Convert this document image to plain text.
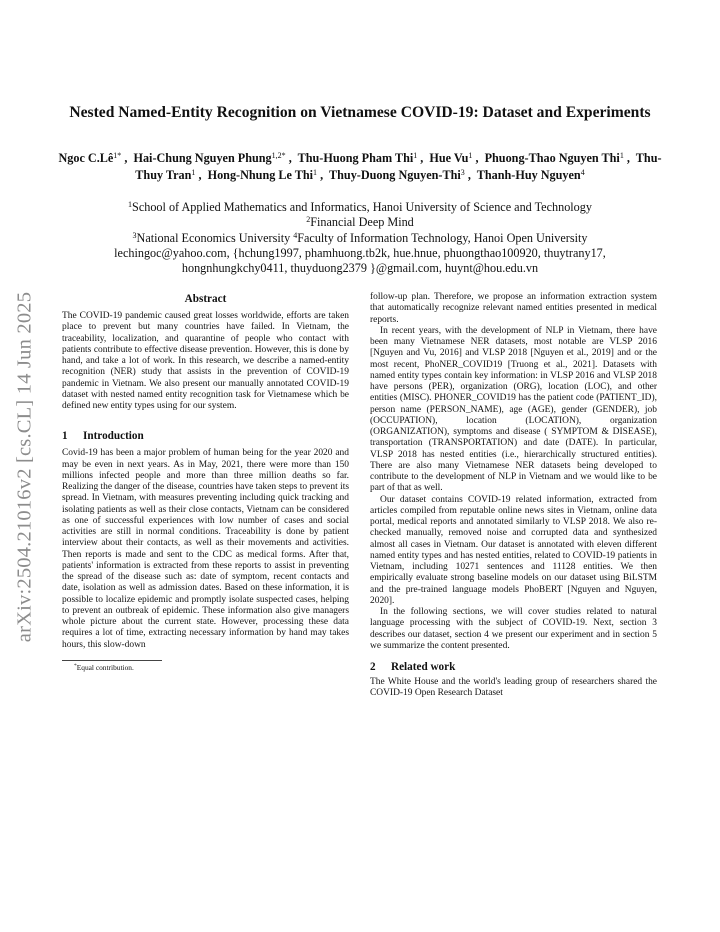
arXiv:2504.21016v2 [cs.CL] 14 Jun 2025
Nested Named-Entity Recognition on Vietnamese COVID-19: Dataset and Experiments
Ngoc $C.Lê^{1*}$ ,  Hai-Chung Nguyen Phung$^{1,2*}$ ,  Thu-Huong Pham Thi$^1$ ,  Hue Vu$^1$ ,  Phuong-Thao Nguyen Thi$^1$ ,  Thu-Thuy Tran$^1$ ,  Hong-Nhung Le Thi$^1$ ,  Thuy-Duong Nguyen-Thi$^3$ ,  Thanh-Huy Nguyen$^4$
$^1$School of Applied Mathematics and Informatics, Hanoi University of Science and Technology
$^2$Financial Deep Mind
$^3$National Economics University $^4$Faculty of Information Technology, Hanoi Open University
lechingoc@yahoo.com, {hchung1997, phamhuong.tb2k, hue.hnue, phuongthao100920, thuytrany17,
hongnhungkchy0411, thuyduong2379 }@gmail.com, huynt@hou.edu.vn
Abstract
The COVID-19 pandemic caused great losses worldwide, efforts are taken place to prevent but many countries have failed. In Vietnam, the traceability, localization, and quarantine of people who contact with patients contribute to effective disease prevention. However, this is done by hand, and take a lot of work. In this research, we describe a named-entity recognition (NER) study that assists in the prevention of COVID-19 pandemic in Vietnam. We also present our manually annotated COVID-19 dataset with nested named entity recognition task for Vietnamese which be defined new entity types using for our system.
1 Introduction
Covid-19 has been a major problem of human being for the year 2020 and may be even in next years. As in May, 2021, there were more than 150 millions infected people and more than three million deaths so far. Realizing the danger of the disease, countries have taken steps to prevent its spread. In Vietnam, with measures preventing including quick tracking and isolating patients as well as their close contacts, Vietnam can be considered as one of successful experiences with low number of cases and social activities are still in normal conditions. Traceability is done by patient interview about their contacts, as well as their movements and activities. Then reports is made and sent to the CDC as medical forms. After that, patients' information is extracted from these reports to assist in preventing the spread of the disease such as: date of symptom, recent contacts and date, isolation as well as admission dates. Based on these information, it is possible to localize epidemic and promptly isolate suspected cases, helping to prevent an outbreak of epidemic. These information also give managers whole picture about the current state. However, processing these data requires a lot of time, extracting necessary information by hand may takes hours, this slow-down
*Equal contribution.
follow-up plan. Therefore, we propose an information extraction system that automatically recognize relevant named entities presented in medical reports.
In recent years, with the development of NLP in Vietnam, there have been many Vietnamese NER datasets, most notable are VLSP 2016 [Nguyen and Vu, 2016] and VLSP 2018 [Nguyen et al., 2019] and or the most recent, PhoNER_COVID19 [Truong et al., 2021]. Datasets with named entity types contain key information: in VLSP 2016 and VLSP 2018 have persons (PER), organization (ORG), location (LOC), and other entities (MISC). PHONER_COVID19 has the patient code (PATIENT_ID), person name (PERSON_NAME), age (AGE), gender (GENDER), job (OCCUPATION), location (LOCATION), organization (ORGANIZATION), symptoms and disease ( SYMPTOM & DISEASE), transportation (TRANSPORTATION) and date (DATE). In particular, VLSP 2018 has nested entities (i.e., hierarchically structured entities). There are also many Vietnamese NER datasets being developed to contribute to the development of NLP in Vietnam and we would like to be part of that as well.
Our dataset contains COVID-19 related information, extracted from articles compiled from reputable online news sites in Vietnam, online data portal, medical reports and annotated similarly to VLSP 2018. We also re-checked manually, removed noise and corrupted data and synthesized almost all cases in Vietnam. Our dataset is annotated with eleven different named entity types and has nested entities, related to COVID-19 patients in Vietnam, including 10271 sentences and 11128 entities. We then empirically evaluate strong baseline models on our dataset using BiLSTM and the pre-trained language models PhoBERT [Nguyen and Nguyen, 2020].
In the following sections, we will cover studies related to natural language processing with the subject of COVID-19. Next, section 3 describes our dataset, section 4 we present our experiment and in section 5 we summarize the content presented.
2 Related work
The White House and the world's leading group of researchers shared the COVID-19 Open Research Dataset
